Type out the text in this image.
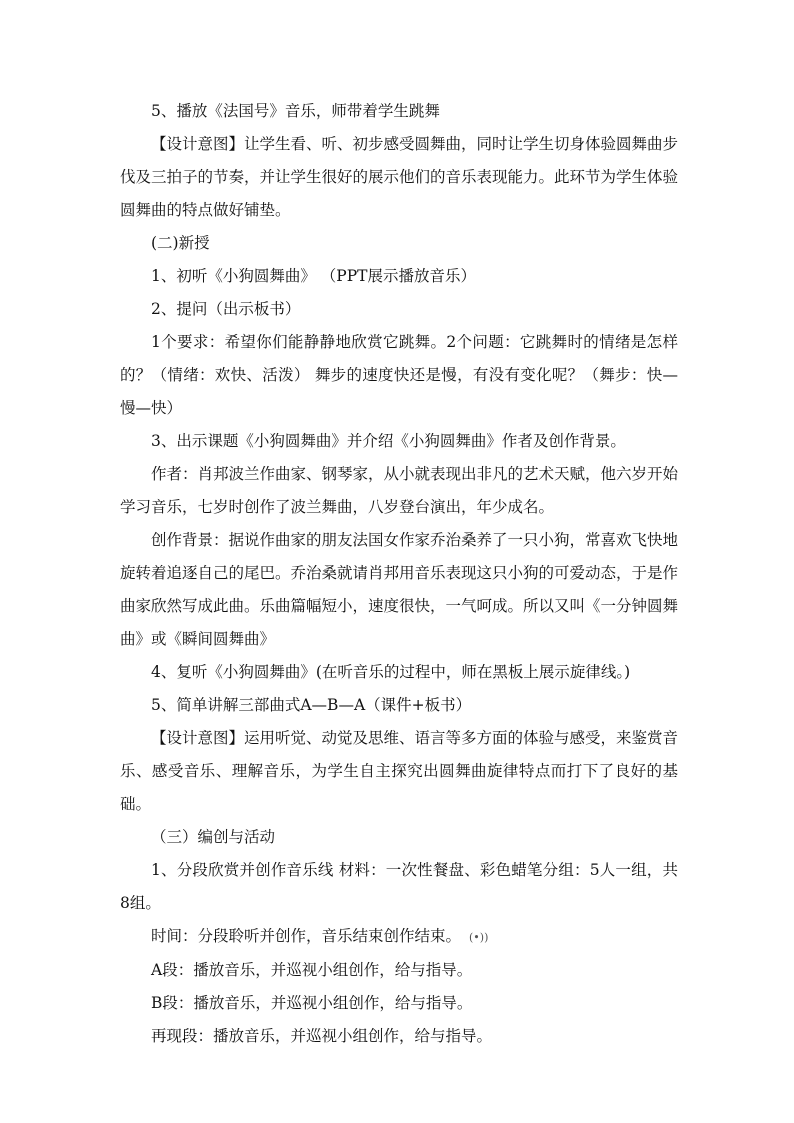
5、播放《法国号》音乐，师带着学生跳舞

【设计意图】让学生看、听、初步感受圆舞曲，同时让学生切身体验圆舞曲步伐及三拍子的节奏，并让学生很好的展示他们的音乐表现能力。此环节为学生体验圆舞曲的特点做好铺垫。

(二)新授

1、初听《小狗圆舞曲》 （PPT展示播放音乐）

2、提问（出示板书）

1个要求：希望你们能静静地欣赏它跳舞。2个问题：它跳舞时的情绪是怎样的？（情绪：欢快、活泼） 舞步的速度快还是慢，有没有变化呢？（舞步：快—慢—快）

3、出示课题《小狗圆舞曲》并介绍《小狗圆舞曲》作者及创作背景。

作者：肖邦波兰作曲家、钢琴家，从小就表现出非凡的艺术天赋，他六岁开始学习音乐，七岁时创作了波兰舞曲，八岁登台演出，年少成名。

创作背景：据说作曲家的朋友法国女作家乔治桑养了一只小狗，常喜欢飞快地旋转着追逐自己的尾巴。乔治桑就请肖邦用音乐表现这只小狗的可爱动态，于是作曲家欣然写成此曲。乐曲篇幅短小，速度很快，一气呵成。所以又叫《一分钟圆舞曲》或《瞬间圆舞曲》

4、复听《小狗圆舞曲》(在听音乐的过程中，师在黑板上展示旋律线。)

5、简单讲解三部曲式A—B—A（课件+板书）

【设计意图】运用听觉、动觉及思维、语言等多方面的体验与感受，来鉴赏音乐、感受音乐、理解音乐，为学生自主探究出圆舞曲旋律特点而打下了良好的基础。

（三）编创与活动

1、分段欣赏并创作音乐线 材料：一次性餐盘、彩色蜡笔分组：5人一组，共8组。

时间：分段聆听并创作，音乐结束创作结束。 (•))

A段：播放音乐，并巡视小组创作，给与指导。

B段：播放音乐，并巡视小组创作，给与指导。

再现段：播放音乐，并巡视小组创作，给与指导。
